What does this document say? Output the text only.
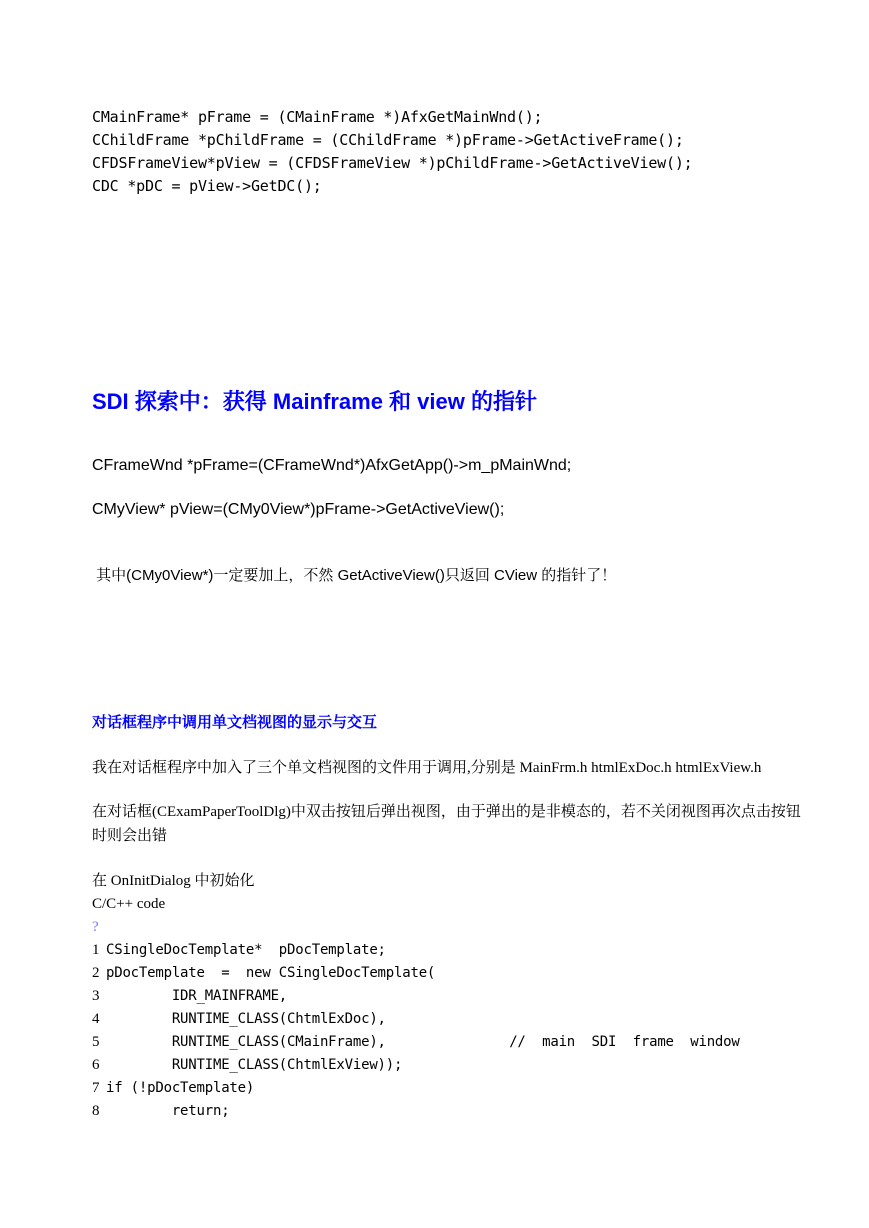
CMainFrame* pFrame = (CMainFrame *)AfxGetMainWnd();
CChildFrame *pChildFrame = (CChildFrame *)pFrame->GetActiveFrame();
CFDSFrameView*pView = (CFDSFrameView *)pChildFrame->GetActiveView();
CDC *pDC = pView->GetDC();
SDI 探索中：获得 Mainframe 和 view 的指针
CFrameWnd *pFrame=(CFrameWnd*)AfxGetApp()->m_pMainWnd;
CMyView* pView=(CMy0View*)pFrame->GetActiveView();
其中(CMy0View*)一定要加上，不然 GetActiveView()只返回 CView 的指针了！
对话框程序中调用单文档视图的显示与交互
我在对话框程序中加入了三个单文档视图的文件用于调用,分别是 MainFrm.h htmlExDoc.h htmlExView.h
在对话框(CExamPaperToolDlg)中双击按钮后弹出视图，由于弹出的是非模态的，若不关闭视图再次点击按钮时则会出错
在 OnInitDialog 中初始化
C/C++ code
?
1 CSingleDocTemplate*  pDocTemplate;
2 pDocTemplate  =  new CSingleDocTemplate(
3        IDR_MAINFRAME,
4        RUNTIME_CLASS(ChtmlExDoc),
5        RUNTIME_CLASS(CMainFrame),               //  main  SDI  frame  window
6        RUNTIME_CLASS(ChtmlExView));
7 if (!pDocTemplate)
8        return;
